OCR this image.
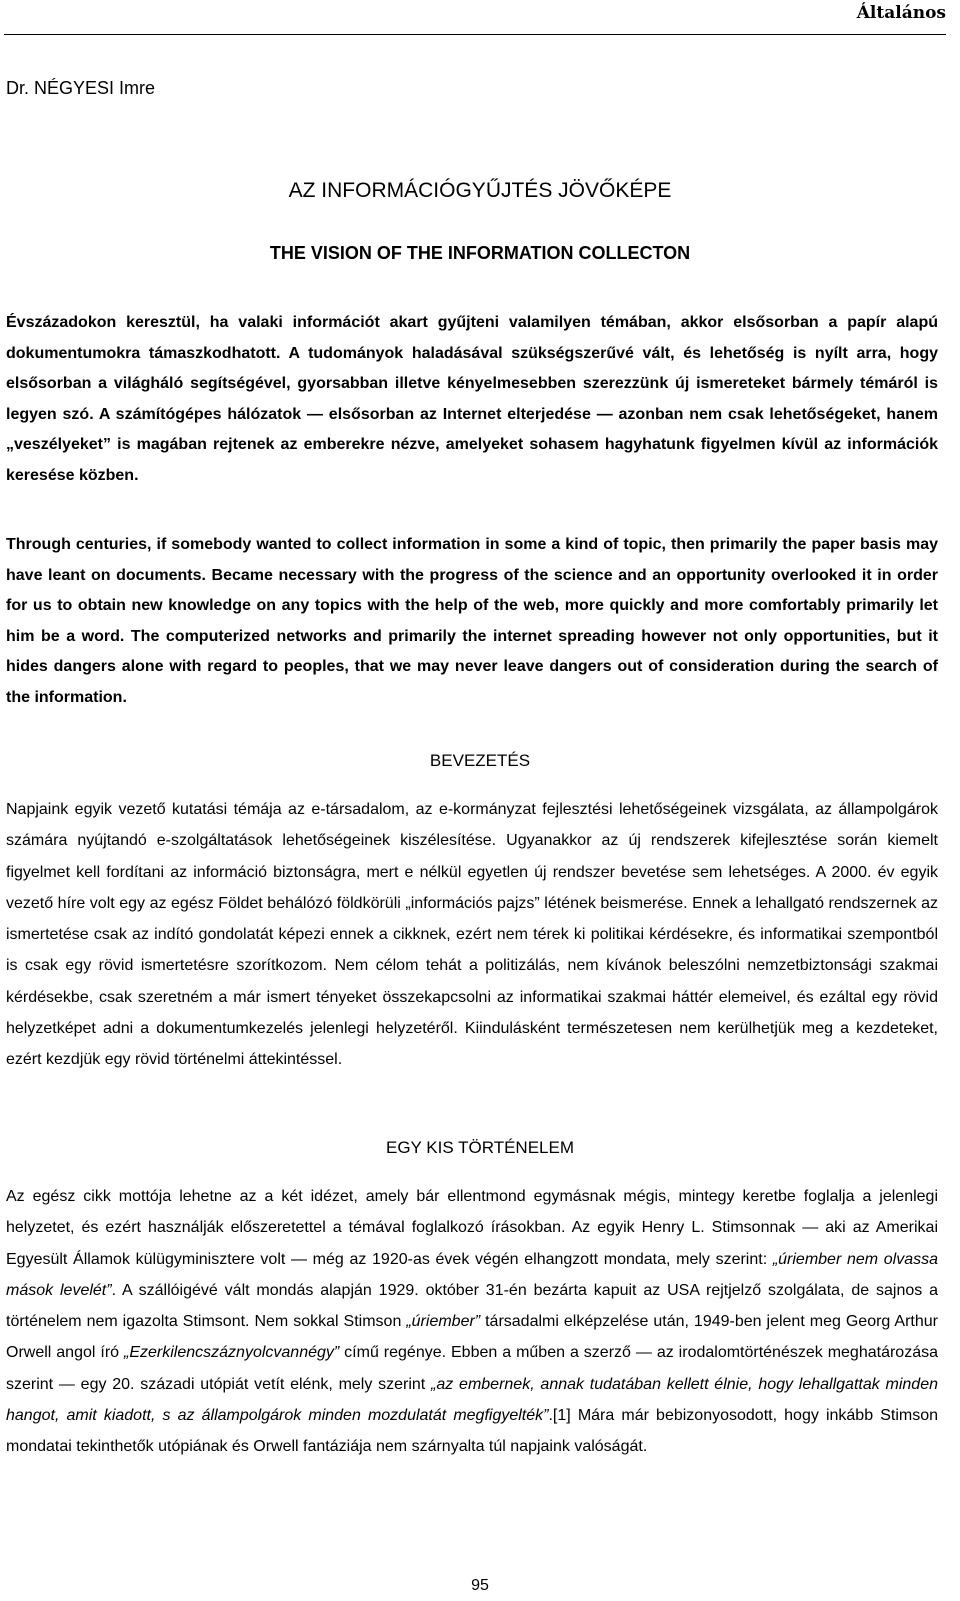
Általános
Dr. NÉGYESI Imre
AZ INFORMÁCIÓGYŰJTÉS JÖVŐKÉPE
THE VISION OF THE INFORMATION COLLECTON
Évszázadokon keresztül, ha valaki információt akart gyűjteni valamilyen témában, akkor elsősorban a papír alapú dokumentumokra támaszkodhatott. A tudományok haladásával szükségszerűvé vált, és lehetőség is nyílt arra, hogy elsősorban a világháló segítségével, gyorsabban illetve kényelmesebben szerezzünk új ismereteket bármely témáról is legyen szó. A számítógépes hálózatok — elsősorban az Internet elterjedése — azonban nem csak lehetőségeket, hanem „veszélyeket” is magában rejtenek az emberekre nézve, amelyeket sohasem hagyhatunk figyelmen kívül az információk keresése közben.
Through centuries, if somebody wanted to collect information in some a kind of topic, then primarily the paper basis may have leant on documents. Became necessary with the progress of the science and an opportunity overlooked it in order for us to obtain new knowledge on any topics with the help of the web, more quickly and more comfortably primarily let him be a word. The computerized networks and primarily the internet spreading however not only opportunities, but it hides dangers alone with regard to peoples, that we may never leave dangers out of consideration during the search of the information.
BEVEZETÉS
Napjaink egyik vezető kutatási témája az e-társadalom, az e-kormányzat fejlesztési lehetőségeinek vizsgálata, az állampolgárok számára nyújtandó e-szolgáltatások lehetőségeinek kiszélesítése. Ugyanakkor az új rendszerek kifejlesztése során kiemelt figyelmet kell fordítani az információ biztonságra, mert e nélkül egyetlen új rendszer bevetése sem lehetséges. A 2000. év egyik vezető híre volt egy az egész Földet behálózó földkörüli „információs pajzs” létének beismerése. Ennek a lehallgató rendszernek az ismertetése csak az indító gondolatát képezi ennek a cikknek, ezért nem térek ki politikai kérdésekre, és informatikai szempontból is csak egy rövid ismertetésre szorítkozom. Nem célom tehát a politizálás, nem kívánok beleszólni nemzetbiztonsági szakmai kérdésekbe, csak szeretném a már ismert tényeket összekapcsolni az informatikai szakmai háttér elemeivel, és ezáltal egy rövid helyzetképet adni a dokumentumkezelés jelenlegi helyzetéről. Kiindulásként természetesen nem kerülhetjük meg a kezdeteket, ezért kezdjük egy rövid történelmi áttekintéssel.
EGY KIS TÖRTÉNELEM
Az egész cikk mottója lehetne az a két idézet, amely bár ellentmond egymásnak mégis, mintegy keretbe foglalja a jelenlegi helyzetet, és ezért használják előszeretettel a témával foglalkozó írásokban. Az egyik Henry L. Stimsonnak — aki az Amerikai Egyesült Államok külügyminisztere volt — még az 1920-as évek végén elhangzott mondata, mely szerint: „úriember nem olvassa mások levelét”. A szállóigévé vált mondás alapján 1929. október 31-én bezárta kapuit az USA rejtjelző szolgálata, de sajnos a történelem nem igazolta Stimsont. Nem sokkal Stimson „úriember” társadalmi elképzelése után, 1949-ben jelent meg Georg Arthur Orwell angol író „Ezerkilencszáznyolcvannégy” című regénye. Ebben a műben a szerző — az irodalomtörténészek meghatározása szerint — egy 20. századi utópiát vetít elénk, mely szerint „az embernek, annak tudatában kellett élnie, hogy lehallgattak minden hangot, amit kiadott, s az állampolgárok minden mozdulatát megfigyelték”.[1] Mára már bebizonyosodott, hogy inkább Stimson mondatai tekinthetők utópiának és Orwell fantáziája nem szárnyalta túl napjaink valóságát.
95
